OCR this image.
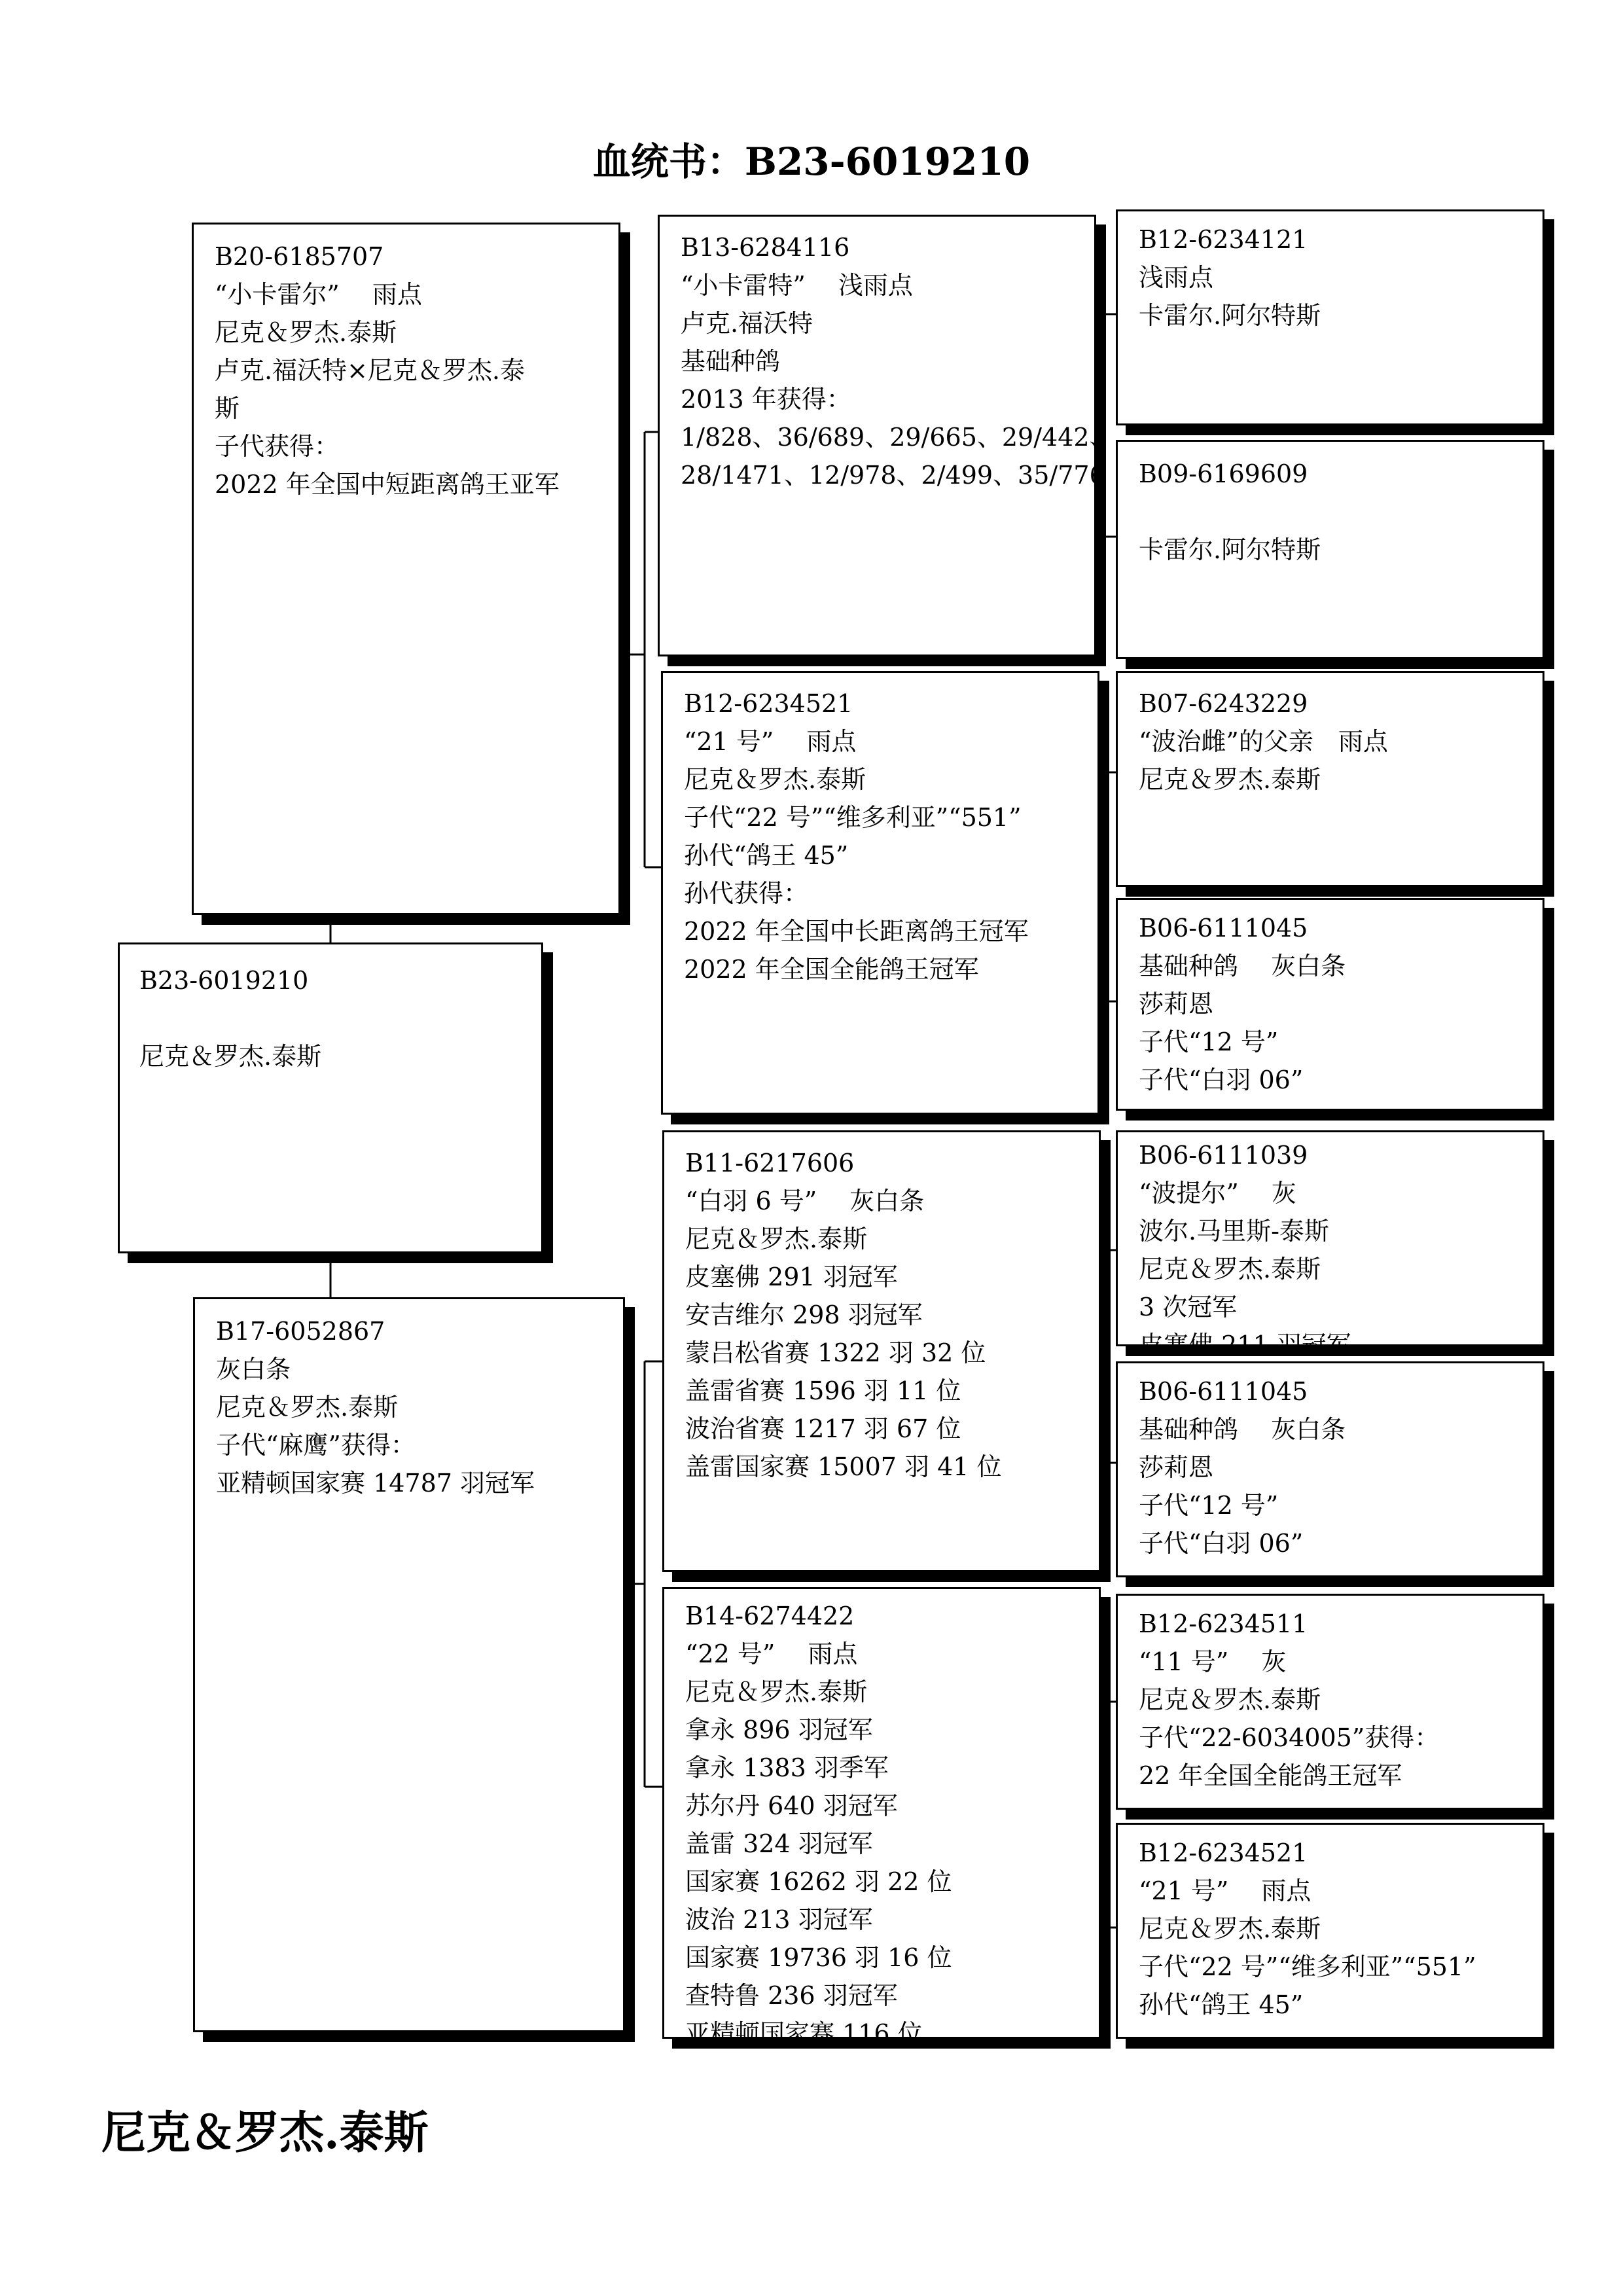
血统书：B23-6019210
B23-6019210
尼克＆罗杰.泰斯
B20-6185707
“小卡雷尔”　 雨点
尼克＆罗杰.泰斯
卢克.福沃特×尼克＆罗杰.泰
斯
子代获得：
2022 年全国中短距离鸽王亚军
B17-6052867
灰白条
尼克＆罗杰.泰斯
子代“麻鹰”获得：
亚精顿国家赛 14787 羽冠军
B13-6284116
“小卡雷特”　 浅雨点
卢克.福沃特
基础种鸽
2013 年获得：
1/828、36/689、29/665、29/442、
28/1471、12/978、2/499、35/776
B12-6234521
“21 号”　 雨点
尼克＆罗杰.泰斯
子代“22 号”“维多利亚”“551”
孙代“鸽王 45”
孙代获得：
2022 年全国中长距离鸽王冠军
2022 年全国全能鸽王冠军
B11-6217606
“白羽 6 号”　 灰白条
尼克＆罗杰.泰斯
皮塞佛 291 羽冠军
安吉维尔 298 羽冠军
蒙吕松省赛 1322 羽 32 位
盖雷省赛 1596 羽 11 位
波治省赛 1217 羽 67 位
盖雷国家赛 15007 羽 41 位
B14-6274422
“22 号”　 雨点
尼克＆罗杰.泰斯
拿永 896 羽冠军
拿永 1383 羽季军
苏尔丹 640 羽冠军
盖雷 324 羽冠军
国家赛 16262 羽 22 位
波治 213 羽冠军
国家赛 19736 羽 16 位
查特鲁 236 羽冠军
亚精顿国家赛 116 位
B12-6234121
浅雨点
卡雷尔.阿尔特斯
B09-6169609
卡雷尔.阿尔特斯
B07-6243229
“波治雌”的父亲　雨点
尼克＆罗杰.泰斯
B06-6111045
基础种鸽　 灰白条
莎莉恩
子代“12 号”
子代“白羽 06”
B06-6111039
“波提尔”　 灰
波尔.马里斯-泰斯
尼克＆罗杰.泰斯
3 次冠军
皮塞佛 211 羽冠军
B06-6111045
基础种鸽　 灰白条
莎莉恩
子代“12 号”
子代“白羽 06”
B12-6234511
“11 号”　 灰
尼克＆罗杰.泰斯
子代“22-6034005”获得：
22 年全国全能鸽王冠军
B12-6234521
“21 号”　 雨点
尼克＆罗杰.泰斯
子代“22 号”“维多利亚”“551”
孙代“鸽王 45”
尼克＆罗杰.泰斯
